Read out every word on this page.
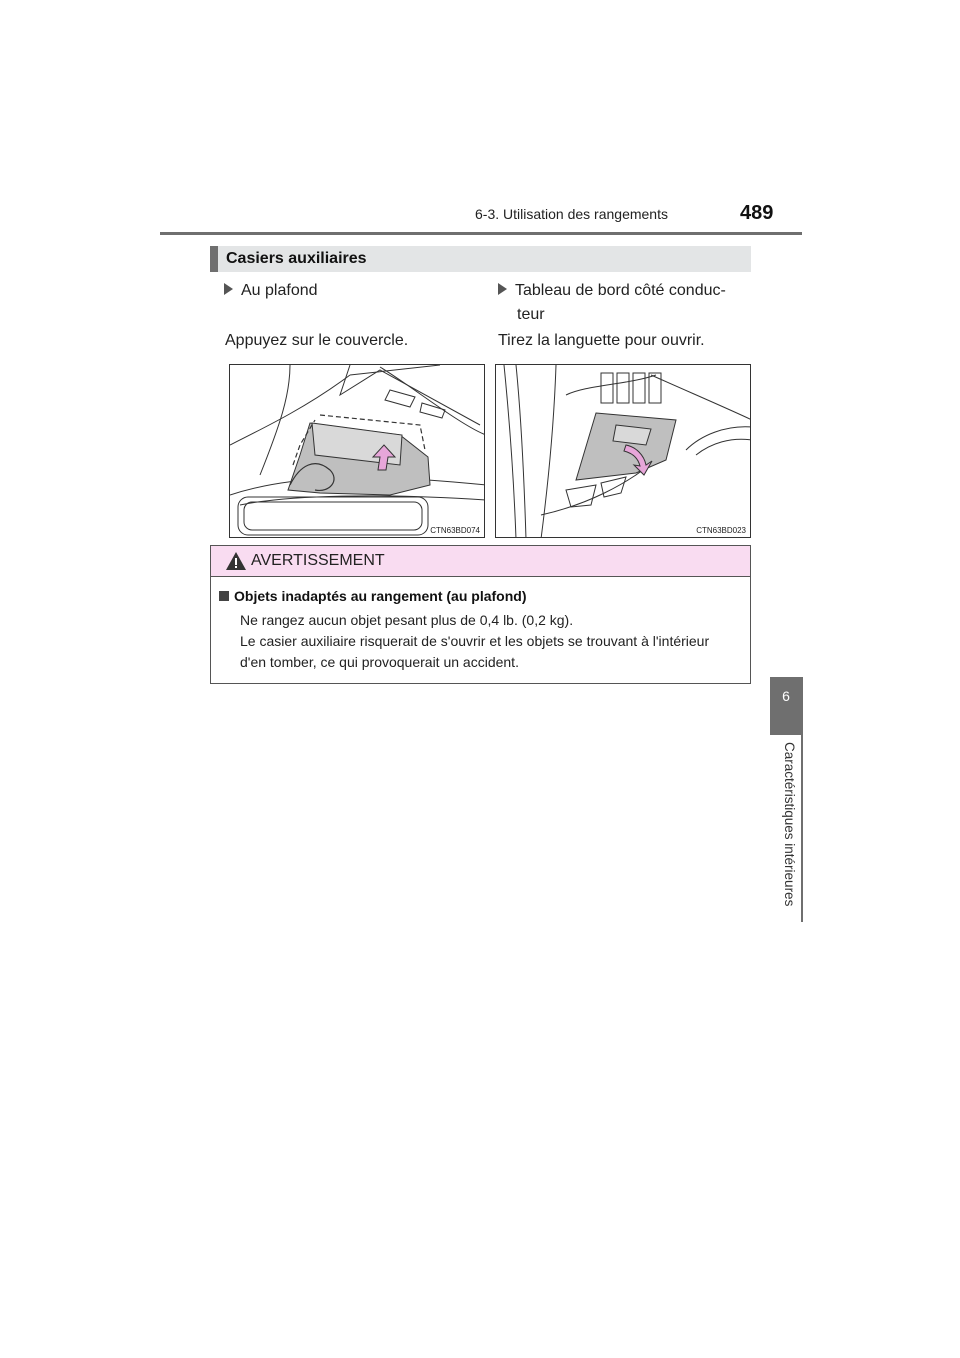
6-3. Utilisation des rangements	489
6
Caractéristiques intérieures
Casiers auxiliaires
Au plafond
Appuyez sur le couvercle.
Tableau de bord côté conduc-
teur
Tirez la languette pour ouvrir.
CTN63BD074	CTN63BD023
AVERTISSEMENT
Objets inadaptés au rangement (au plafond)
Ne rangez aucun objet pesant plus de 0,4 lb. (0,2 kg).
Le casier auxiliaire risquerait de s'ouvrir et les objets se trouvant à l'intérieur
d'en tomber, ce qui provoquerait un accident.
